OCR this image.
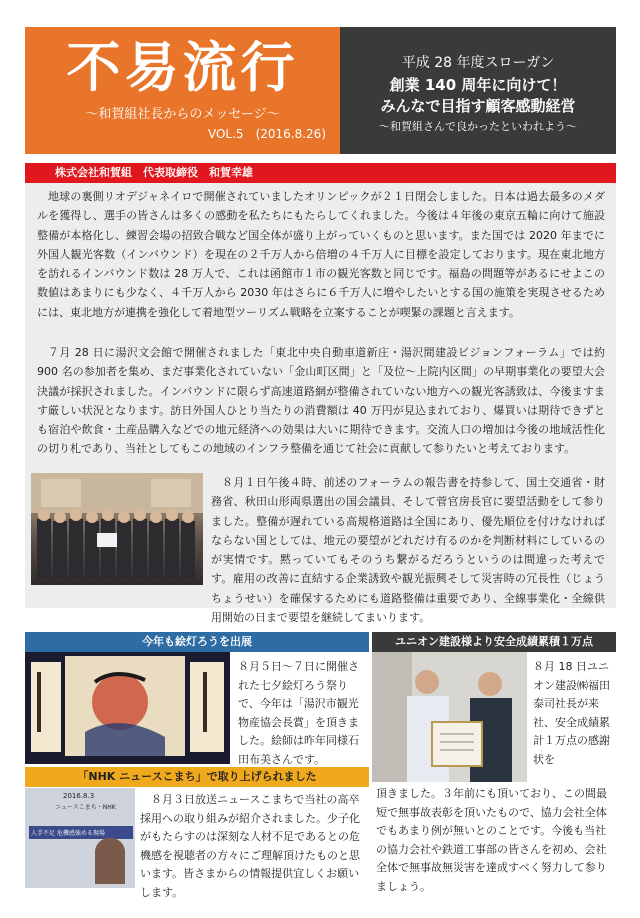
不易流行
～和賀組社長からのメッセージ～
VOL.5　(2016.8.26)
平成 28 年度スローガン
創業 140 周年に向けて！
みんなで目指す顧客感動経営
～和賀組さんで良かったといわれよう～
株式会社和賀組　代表取締役　和賀幸雄
地球の裏側リオデジャネイロで開催されていましたオリンピックが２１日閉会しました。日本は過去最多のメダルを獲得し、選手の皆さんは多くの感動を私たちにもたらしてくれました。今後は４年後の東京五輪に向けて施設整備が本格化し、練習会場の招致合戦など国全体が盛り上がっていくものと思います。また国では 2020 年までに外国人観光客数（インバウンド）を現在の２千万人から倍増の４千万人に目標を設定しております。現在東北地方を訪れるインバウンド数は 28 万人で、これは函館市１市の観光客数と同じです。福島の問題等があるにせよこの数値はあまりにも少なく、４千万人から 2030 年はさらに６千万人に増やしたいとする国の施策を実現させるためには、東北地方が連携を強化して着地型ツーリズム戦略を立案することが喫緊の課題と言えます。
７月 28 日に湯沢文会館で開催されました「東北中央自動車道新庄・湯沢間建設ビジョンフォーラム」では約 900 名の参加者を集め、まだ事業化されていない「金山町区間」と「及位～上院内区間」の早期事業化の要望大会決議が採択されました。インバウンドに限らず高速道路網が整備されていない地方への観光客誘致は、今後ますます厳しい状況となります。訪日外国人ひとり当たりの消費額は 40 万円が見込まれており、爆買いは期待できずとも宿泊や飲食・土産品購入などでの地元経済への効果は大いに期待できます。交流人口の増加は今後の地域活性化の切り札であり、当社としてもこの地域のインフラ整備を通じて社会に貢献して参りたいと考えております。
８月１日午後４時、前述のフォーラムの報告書を持参して、国土交通省・財務省、秋田山形両県選出の国会議員、そして菅官房長官に要望活動をして参りました。整備が遅れている高規格道路は全国にあり、優先順位を付けなければならない国としては、地元の要望がどれだけ有るのかを判断材料にしているのが実情です。黙っていてもそのうち繋がるだろうというのは間違った考えです。雇用の改善に直結する企業誘致や観光振興そして災害時の冗長性（じょうちょうせい）を確保するためにも道路整備は重要であり、全線事業化・全線供用開始の日まで要望を継続してまいります。
今年も絵灯ろうを出展
８月５日～７日に開催された七夕絵灯ろう祭りで、今年は「湯沢市観光物産協会長賞」を頂きました。絵師は昨年同様石田布美さんです。
「NHK ニュースこまち」で取り上げられました
2016.8.3
ニュースこまち・NHK
人手不足 危機感強める現場
８月３日放送ニュースこまちで当社の高卒採用への取り組みが紹介されました。少子化がもたらすのは深刻な人材不足であるとの危機感を視聴者の方々にご理解頂けたものと思います。皆さまからの情報提供宜しくお願いします。
ユニオン建設様より安全成績累積１万点
８月 18 日ユニオン建設㈱福田泰司社長が来社、安全成績累計１万点の感謝状を
頂きました。３年前にも頂いており、この間最短で無事故表彰を頂いたもので、協力会社全体でもあまり例が無いとのことです。今後も当社の協力会社や鉄道工事部の皆さんを初め、会社全体で無事故無災害を達成すべく努力して参りましょう。
